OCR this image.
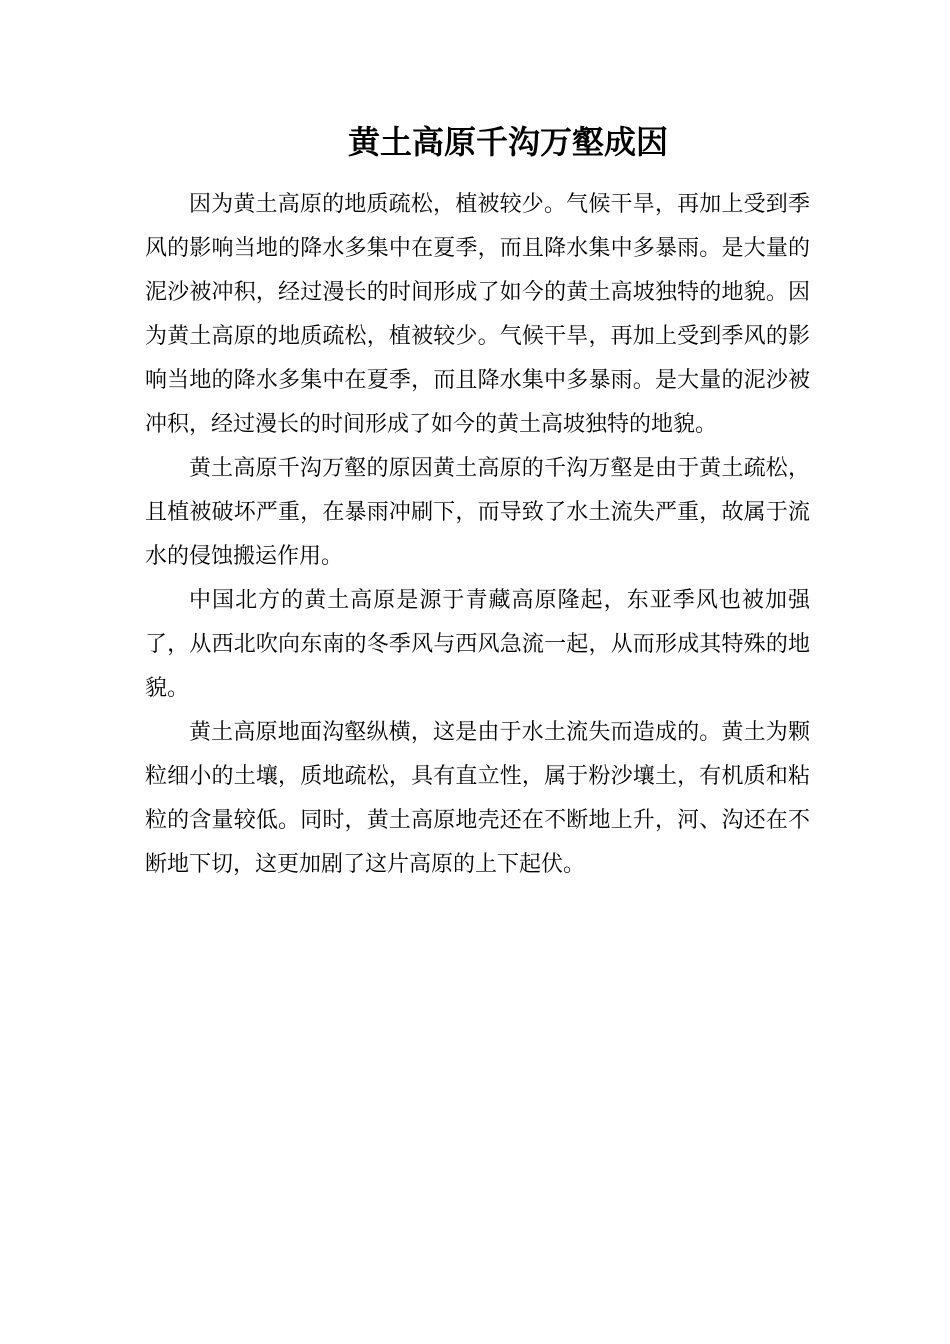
黄土高原千沟万壑成因

因为黄土高原的地质疏松，植被较少。气候干旱，再加上受到季风的影响当地的降水多集中在夏季，而且降水集中多暴雨。是大量的泥沙被冲积，经过漫长的时间形成了如今的黄土高坡独特的地貌。因为黄土高原的地质疏松，植被较少。气候干旱，再加上受到季风的影响当地的降水多集中在夏季，而且降水集中多暴雨。是大量的泥沙被冲积，经过漫长的时间形成了如今的黄土高坡独特的地貌。

黄土高原千沟万壑的原因黄土高原的千沟万壑是由于黄土疏松，且植被破坏严重，在暴雨冲刷下，而导致了水土流失严重，故属于流水的侵蚀搬运作用。

中国北方的黄土高原是源于青藏高原隆起，东亚季风也被加强了，从西北吹向东南的冬季风与西风急流一起，从而形成其特殊的地貌。

黄土高原地面沟壑纵横，这是由于水土流失而造成的。黄土为颗粒细小的土壤，质地疏松，具有直立性，属于粉沙壤土，有机质和粘粒的含量较低。同时，黄土高原地壳还在不断地上升，河、沟还在不断地下切，这更加剧了这片高原的上下起伏。
